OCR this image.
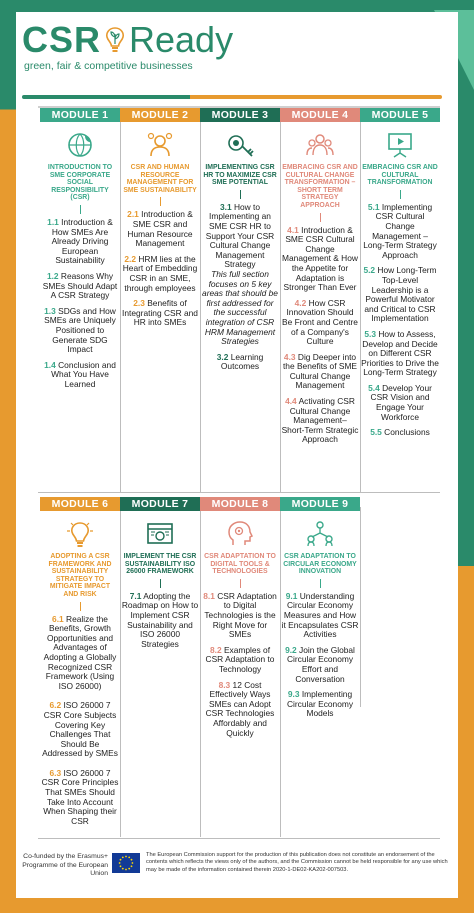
CSR Ready
green, fair & competitive businesses
MODULE 1
INTRODUCTION TO SME CORPORATE SOCIAL RESPONSIBILITY (CSR)
1.1 Introduction & How SMEs Are Already Driving European Sustainability
1.2 Reasons Why SMEs Should Adapt A CSR Strategy
1.3 SDGs and How SMEs are Uniquely Positioned to Generate SDG Impact
1.4 Conclusion and What You Have Learned
MODULE 2
CSR AND HUMAN RESOURCE MANAGEMENT FOR SME SUSTAINABILITY
2.1 Introduction & SME CSR and Human Resource Management
2.2 HRM lies at the Heart of Embedding CSR in an SME, through employees
2.3 Benefits of Integrating CSR and HR into SMEs
MODULE 3
IMPLEMENTING CSR HR TO MAXIMIZE CSR SME POTENTIAL
3.1 How to Implementing an SME CSR HR to Support Your CSR Cultural Change Management Strategy
This full section focuses on 5 key areas that should be first addressed for the successful integration of CSR HRM Management Strategies
3.2 Learning Outcomes
MODULE 4
EMBRACING CSR AND CULTURAL CHANGE TRANSFORMATION – SHORT TERM STRATEGY APPROACH
4.1 Introduction & SME CSR Cultural Change Management & How the Appetite for Adaptation is Stronger Than Ever
4.2 How CSR Innovation Should Be Front and Centre of a Company's Culture
4.3 Dig Deeper into the Benefits of SME Cultural Change Management
4.4 Activating CSR Cultural Change Management– Short-Term Strategic Approach
MODULE 5
EMBRACING CSR AND CULTURAL TRANSFORMATION
5.1 Implementing CSR Cultural Change Management – Long-Term Strategy Approach
5.2 How Long-Term Top-Level Leadership is a Powerful Motivator and Critical to CSR Implementation
5.3 How to Assess, Develop and Decide on Different CSR Priorities to Drive the Long-Term Strategy
5.4 Develop Your CSR Vision and Engage Your Workforce
5.5 Conclusions
MODULE 6
ADOPTING A CSR FRAMEWORK AND SUSTAINABILITY STRATEGY TO MITIGATE IMPACT AND RISK
6.1 Realize the Benefits, Growth Opportunities and Advantages of Adopting a Globally Recognized CSR Framework (Using ISO 26000)
6.2 ISO 26000 7 CSR Core Subjects Covering Key Challenges That Should Be Addressed by SMEs
6.3 ISO 26000 7 CSR Core Principles That SMEs Should Take Into Account When Shaping their CSR
MODULE 7
IMPLEMENT THE CSR SUSTAINABILITY ISO 26000 FRAMEWORK
7.1 Adopting the Roadmap on How to Implement CSR Sustainability and ISO 26000 Strategies
MODULE 8
CSR ADAPTATION TO DIGITAL TOOLS & TECHNOLOGIES
8.1 CSR Adaptation to Digital Technologies is the Right Move for SMEs
8.2 Examples of CSR Adaptation to Technology
8.3 12 Cost Effectively Ways SMEs can Adopt CSR Technologies Affordably and Quickly
MODULE 9
CSR ADAPTATION TO CIRCULAR ECONOMY INNOVATION
9.1 Understanding Circular Economy Measures and How it Encapsulates CSR Activities
9.2 Join the Global Circular Economy Effort and Conversation
9.3 Implementing Circular Economy Models
Co-funded by the Erasmus+ Programme of the European Union
The European Commission support for the production of this publication does not constitute an endorsement of the contents which reflects the views only of the authors, and the Commission cannot be held responsible for any use which may be made of the information contained therein 2020-1-DE02-KA202-007503.
